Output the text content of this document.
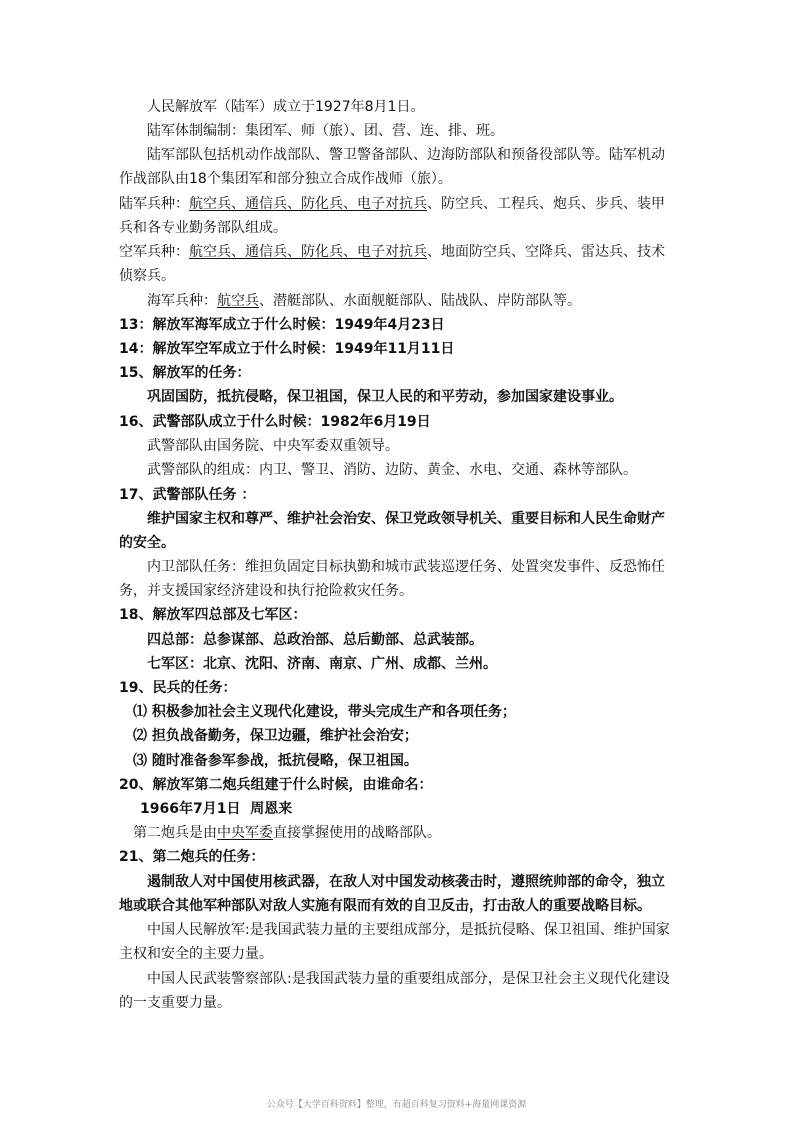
人民解放军（陆军）成立于1927年8月1日。
陆军体制编制：集团军、师（旅）、团、营、连、排、班。
陆军部队包括机动作战部队、警卫警备部队、边海防部队和预备役部队等。陆军机动
作战部队由18个集团军和部分独立合成作战师（旅）。
陆军兵种：航空兵、通信兵、防化兵、电子对抗兵、防空兵、工程兵、炮兵、步兵、装甲
兵和各专业勤务部队组成。
空军兵种：航空兵、通信兵、防化兵、电子对抗兵、地面防空兵、空降兵、雷达兵、技术
侦察兵。
海军兵种：航空兵、潜艇部队、水面舰艇部队、陆战队、岸防部队等。
13：解放军海军成立于什么时候：1949年4月23日
14：解放军空军成立于什么时候：1949年11月11日
15、解放军的任务：
巩固国防，抵抗侵略，保卫祖国，保卫人民的和平劳动，参加国家建设事业。
16、武警部队成立于什么时候：1982年6月19日
武警部队由国务院、中央军委双重领导。
武警部队的组成：内卫、警卫、消防、边防、黄金、水电、交通、森林等部队。
17、武警部队任务 ：
维护国家主权和尊严、维护社会治安、保卫党政领导机关、重要目标和人民生命财产
的安全。
内卫部队任务：维担负固定目标执勤和城市武装巡逻任务、处置突发事件、反恐怖任
务，并支援国家经济建设和执行抢险救灾任务。
18、解放军四总部及七军区：
四总部：总参谋部、总政治部、总后勤部、总武装部。
七军区：北京、沈阳、济南、南京、广州、成都、兰州。
19、民兵的任务：
⑴ 积极参加社会主义现代化建设，带头完成生产和各项任务；
⑵ 担负战备勤务，保卫边疆，维护社会治安；
⑶ 随时准备参军参战，抵抗侵略，保卫祖国。
20、解放军第二炮兵组建于什么时候，由谁命名：
1966年7月1日  周恩来
第二炮兵是由中央军委直接掌握使用的战略部队。
21、第二炮兵的任务：
遏制敌人对中国使用核武器，在敌人对中国发动核袭击时，遵照统帅部的命令，独立
地或联合其他军种部队对敌人实施有限而有效的自卫反击，打击敌人的重要战略目标。
中国人民解放军:是我国武装力量的主要组成部分，是抵抗侵略、保卫祖国、维护国家
主权和安全的主要力量。
中国人民武装警察部队:是我国武装力量的重要组成部分，是保卫社会主义现代化建设
的一支重要力量。
公众号【大学百科资料】整理，有超百科复习资料+海量网课资源
